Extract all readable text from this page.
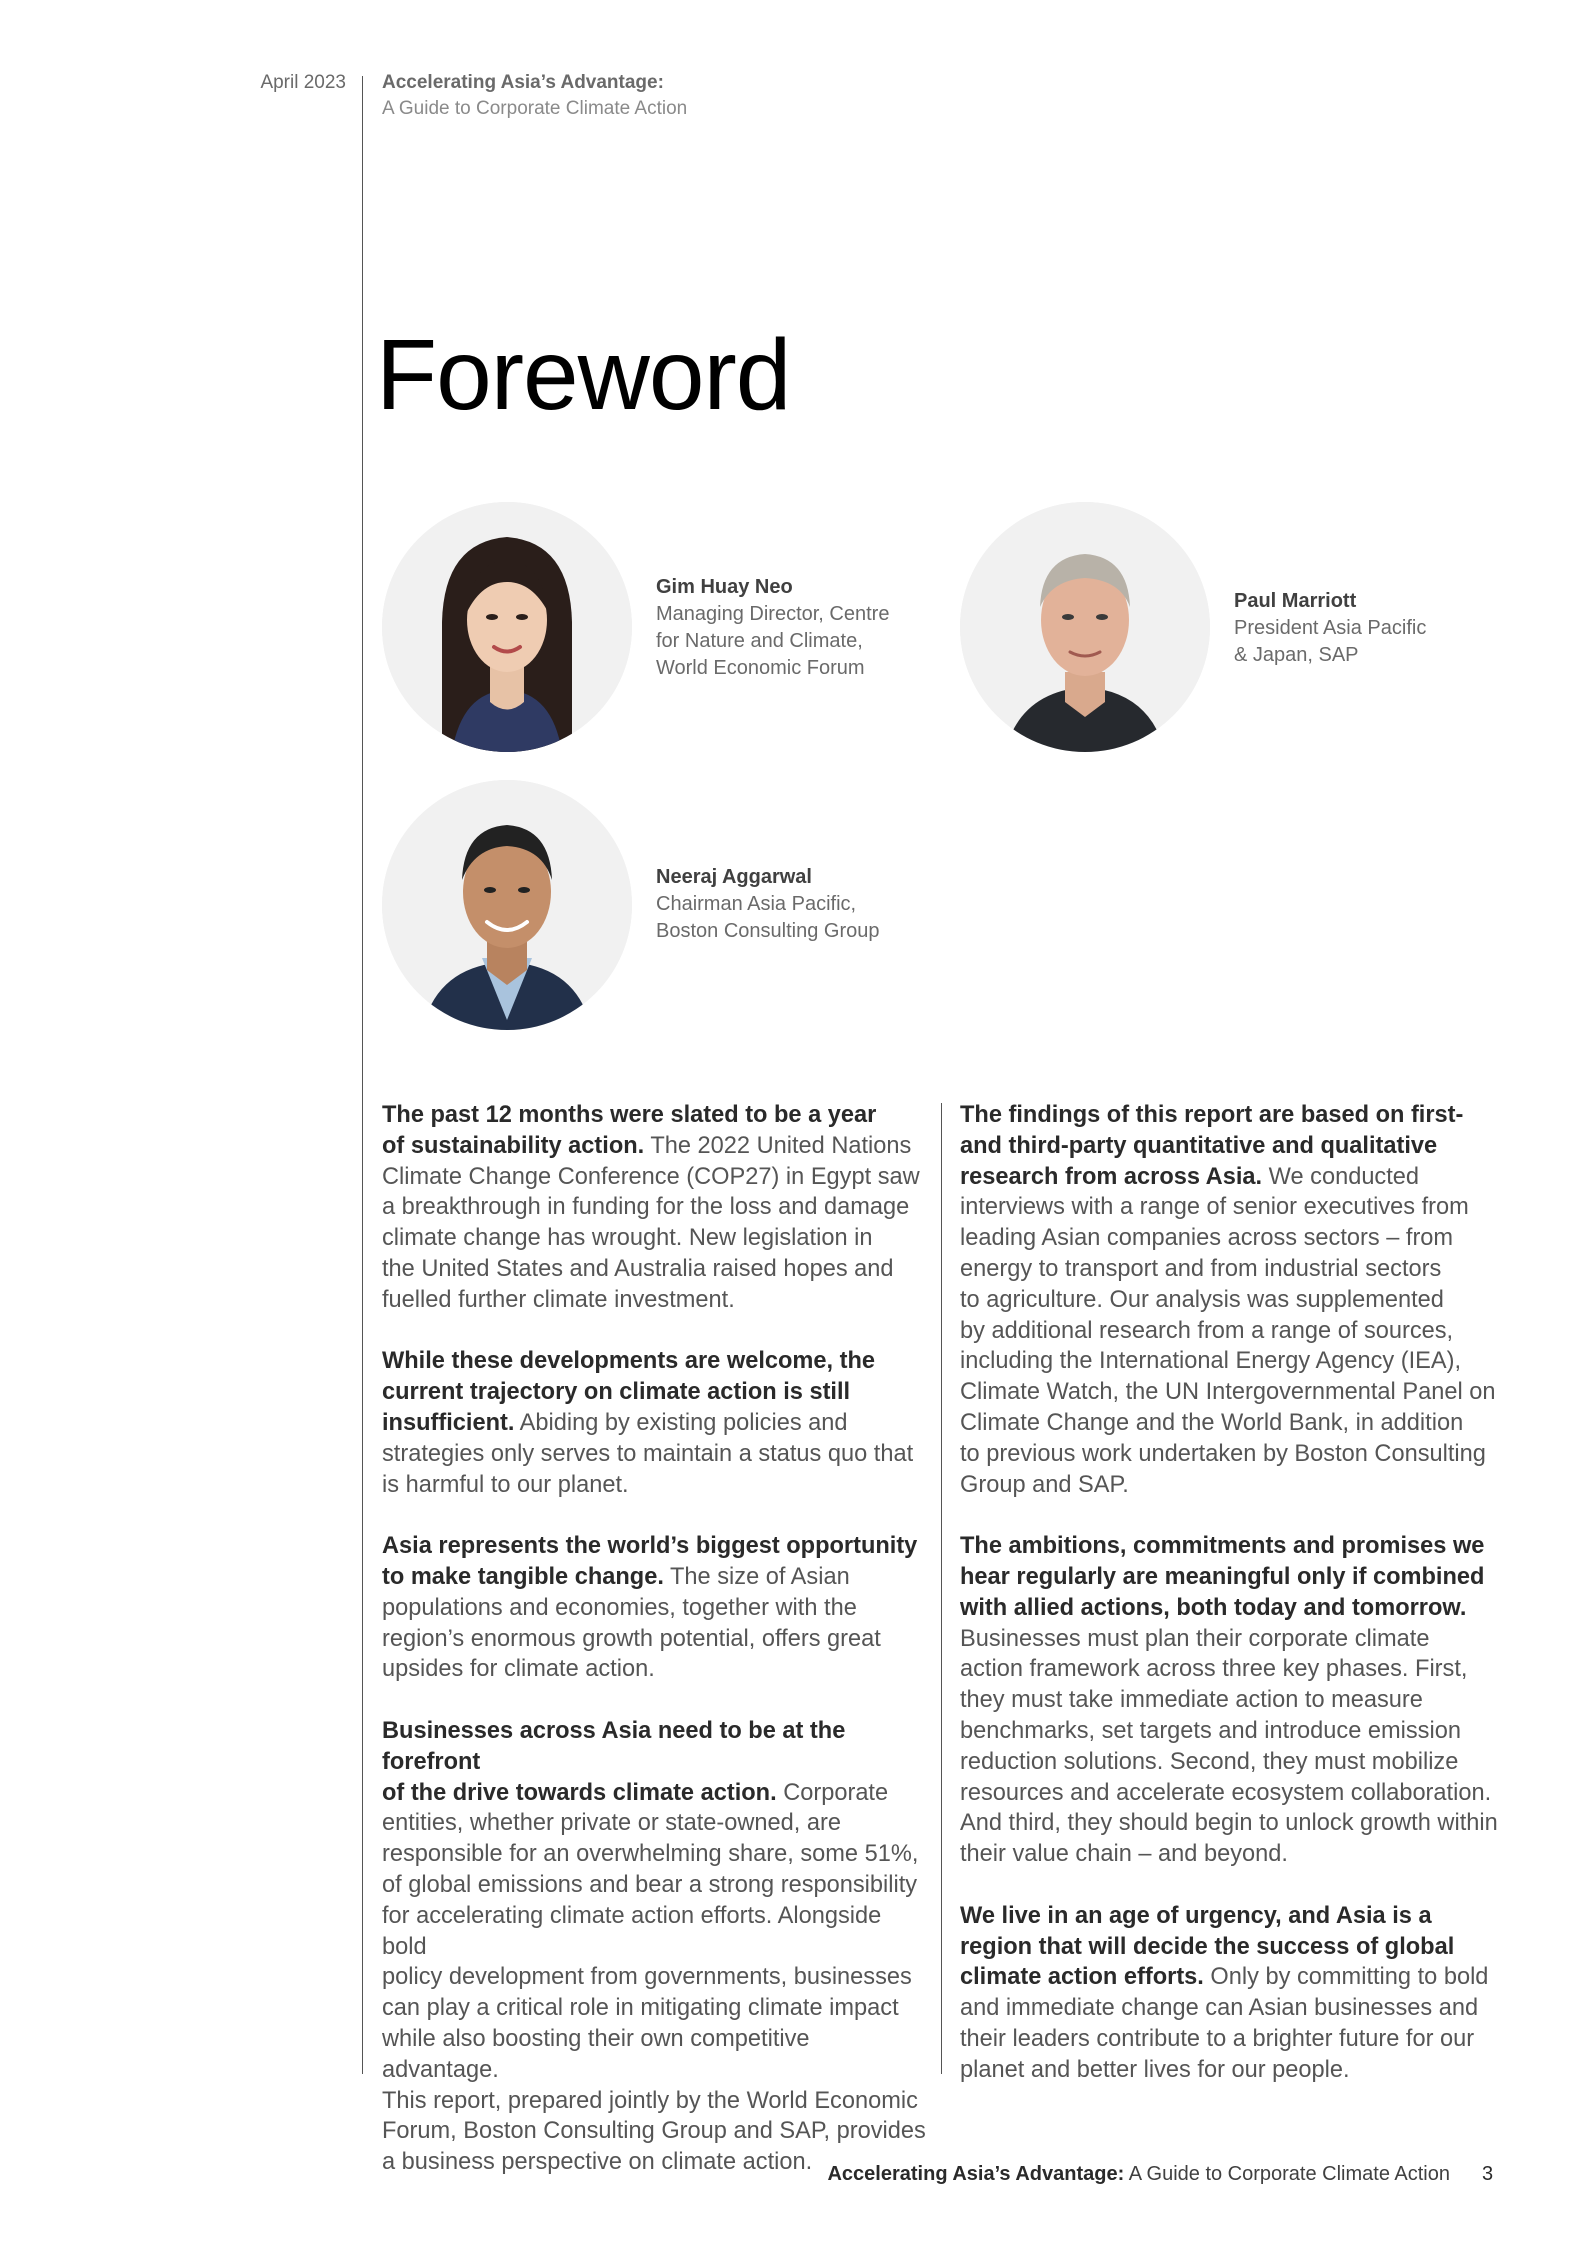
April 2023 Accelerating Asia’s Advantage:
A Guide to Corporate Climate Action
Foreword
Gim Huay Neo
Managing Director, Centre
for Nature and Climate,
World Economic Forum
Paul Marriott
President Asia Pacific
& Japan, SAP
Neeraj Aggarwal
Chairman Asia Pacific,
Boston Consulting Group

The past 12 months were slated to be a year
of sustainability action. The 2022 United Nations
Climate Change Conference (COP27) in Egypt saw
a breakthrough in funding for the loss and damage
climate change has wrought. New legislation in
the United States and Australia raised hopes and
fuelled further climate investment.

While these developments are welcome, the
current trajectory on climate action is still
insufficient. Abiding by existing policies and
strategies only serves to maintain a status quo that
is harmful to our planet.

Asia represents the world’s biggest opportunity
to make tangible change. The size of Asian
populations and economies, together with the
region’s enormous growth potential, offers great
upsides for climate action.

Businesses across Asia need to be at the forefront
of the drive towards climate action. Corporate
entities, whether private or state-owned, are
responsible for an overwhelming share, some 51%,
of global emissions and bear a strong responsibility
for accelerating climate action efforts. Alongside bold
policy development from governments, businesses
can play a critical role in mitigating climate impact
while also boosting their own competitive advantage.
This report, prepared jointly by the World Economic
Forum, Boston Consulting Group and SAP, provides
a business perspective on climate action.

The findings of this report are based on first-
and third-party quantitative and qualitative
research from across Asia. We conducted
interviews with a range of senior executives from
leading Asian companies across sectors – from
energy to transport and from industrial sectors
to agriculture. Our analysis was supplemented
by additional research from a range of sources,
including the International Energy Agency (IEA),
Climate Watch, the UN Intergovernmental Panel on
Climate Change and the World Bank, in addition
to previous work undertaken by Boston Consulting
Group and SAP.

The ambitions, commitments and promises we
hear regularly are meaningful only if combined
with allied actions, both today and tomorrow.
Businesses must plan their corporate climate
action framework across three key phases. First,
they must take immediate action to measure
benchmarks, set targets and introduce emission
reduction solutions. Second, they must mobilize
resources and accelerate ecosystem collaboration.
And third, they should begin to unlock growth within
their value chain – and beyond.

We live in an age of urgency, and Asia is a
region that will decide the success of global
climate action efforts. Only by committing to bold
and immediate change can Asian businesses and
their leaders contribute to a brighter future for our
planet and better lives for our people.

Accelerating Asia’s Advantage: A Guide to Corporate Climate Action 3
